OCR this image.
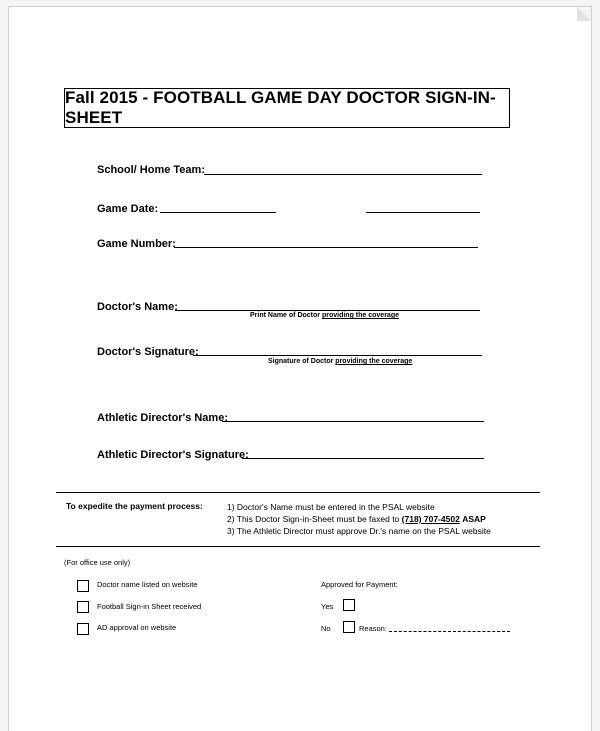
Fall 2015 - FOOTBALL GAME DAY DOCTOR SIGN-IN-SHEET
School/ Home Team:
Game Date:
Game Number:
Doctor's Name:
Print Name of Doctor providing the coverage
Doctor's Signature:
Signature of Doctor providing the coverage
Athletic Director's Name:
Athletic Director's Signature:
To expedite the payment process:	1) Doctor's Name must be entered in the PSAL website
2) This Doctor Sign-in-Sheet must be faxed to (718) 707-4502 ASAP
3) The Athletic Director must approve Dr.'s name on the PSAL website
(For office use only)
Doctor name listed on website
Football Sign-in Sheet received
AD approval on website
Approved for Payment:
Yes
No	Reason:
